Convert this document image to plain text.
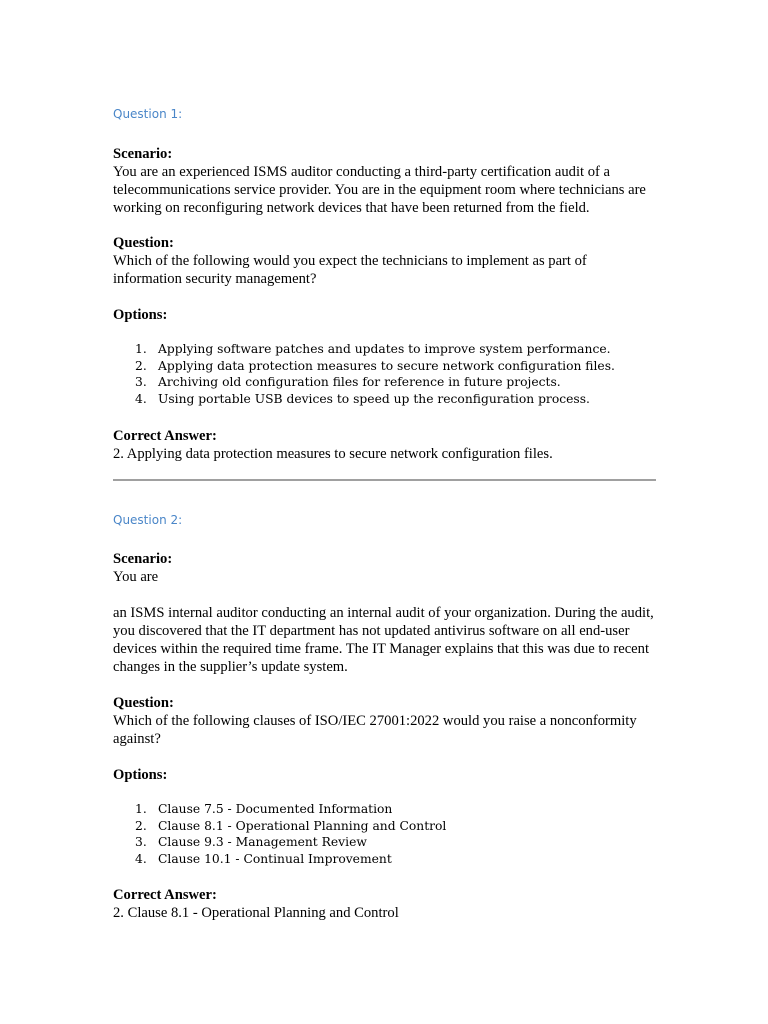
Question 1:
Scenario:
You are an experienced ISMS auditor conducting a third-party certification audit of a telecommunications service provider. You are in the equipment room where technicians are working on reconfiguring network devices that have been returned from the field.
Question:
Which of the following would you expect the technicians to implement as part of information security management?
Options:
1. Applying software patches and updates to improve system performance.
2. Applying data protection measures to secure network configuration files.
3. Archiving old configuration files for reference in future projects.
4. Using portable USB devices to speed up the reconfiguration process.
Correct Answer:
2. Applying data protection measures to secure network configuration files.
Question 2:
Scenario:
You are
an ISMS internal auditor conducting an internal audit of your organization. During the audit, you discovered that the IT department has not updated antivirus software on all end-user devices within the required time frame. The IT Manager explains that this was due to recent changes in the supplier’s update system.
Question:
Which of the following clauses of ISO/IEC 27001:2022 would you raise a nonconformity against?
Options:
1. Clause 7.5 - Documented Information
2. Clause 8.1 - Operational Planning and Control
3. Clause 9.3 - Management Review
4. Clause 10.1 - Continual Improvement
Correct Answer:
2. Clause 8.1 - Operational Planning and Control
